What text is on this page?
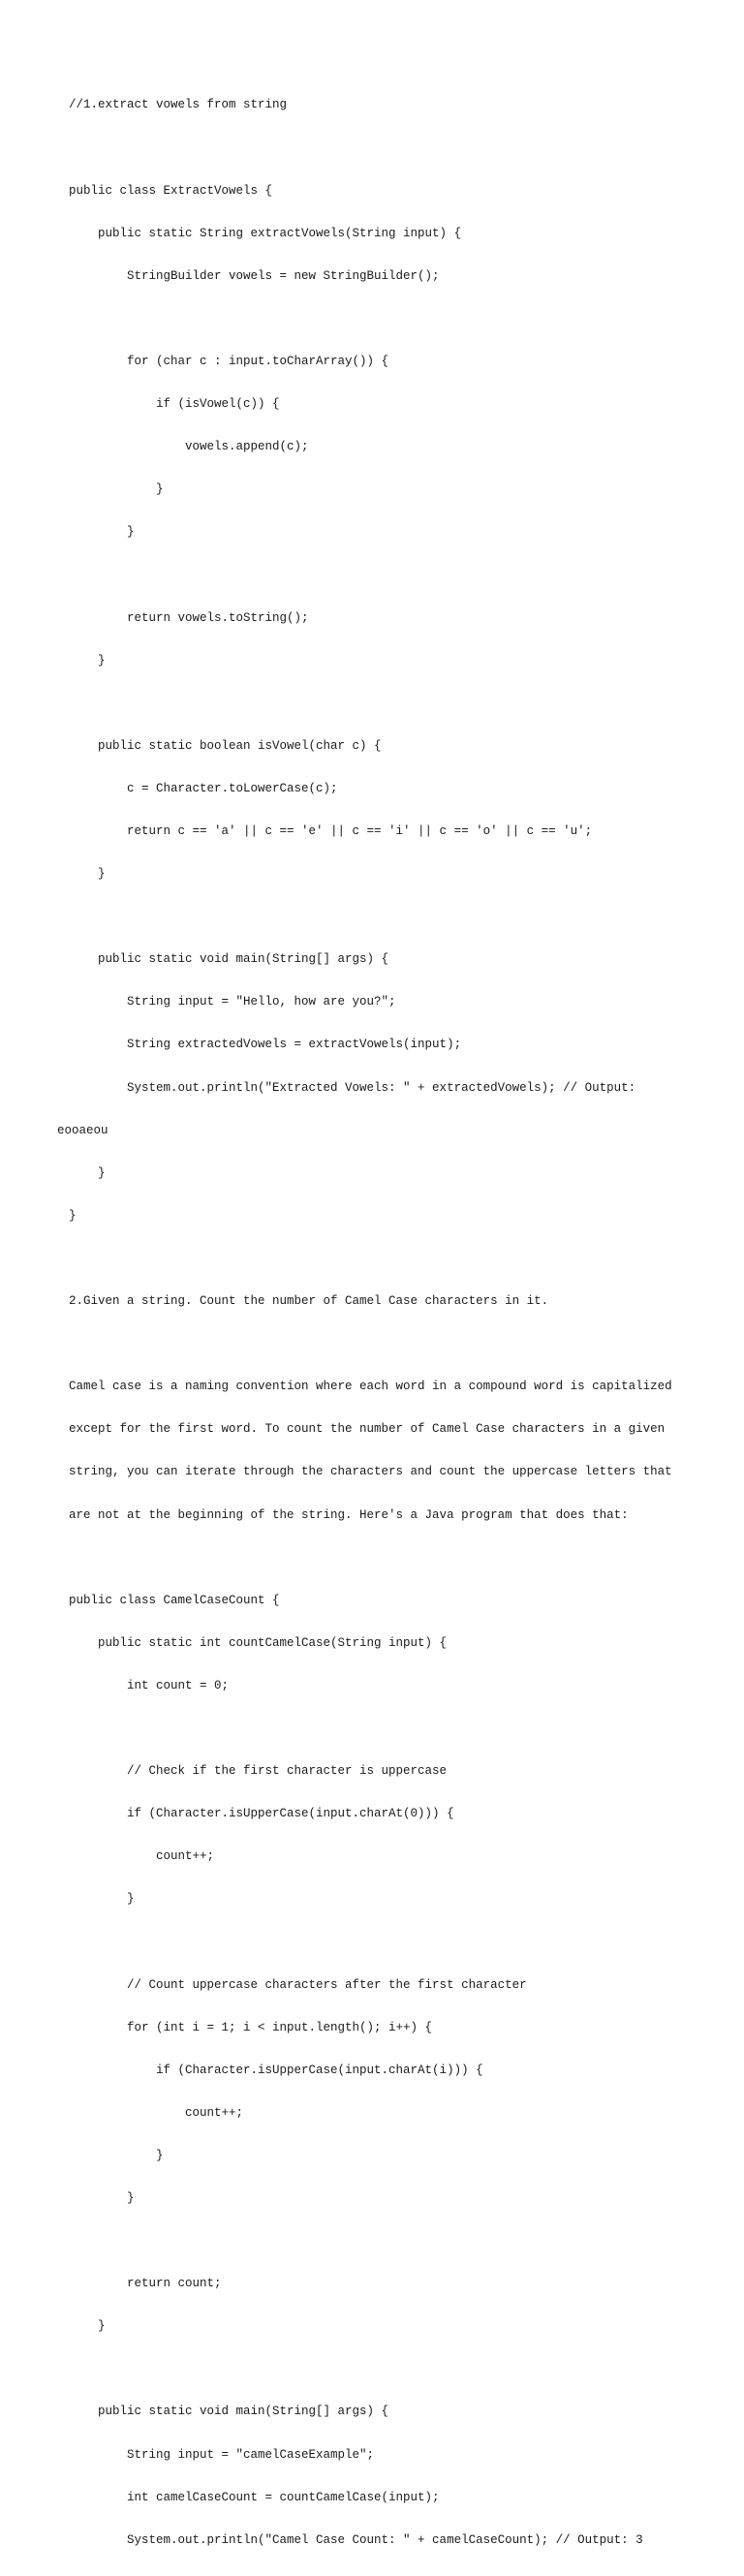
//1.extract vowels from string

public class ExtractVowels {

public static String extractVowels(String input) {

StringBuilder vowels = new StringBuilder();

for (char c : input.toCharArray()) {

if (isVowel(c)) {

vowels.append(c);

}

}

return vowels.toString();

}

public static boolean isVowel(char c) {

c = Character.toLowerCase(c);

return c == 'a' || c == 'e' || c == 'i' || c == 'o' || c == 'u';

}

public static void main(String[] args) {

String input = "Hello, how are you?";

String extractedVowels = extractVowels(input);

System.out.println("Extracted Vowels: " + extractedVowels); // Output:

eooaeou

}

}

2.Given a string. Count the number of Camel Case characters in it.

Camel case is a naming convention where each word in a compound word is capitalized

except for the first word. To count the number of Camel Case characters in a given

string, you can iterate through the characters and count the uppercase letters that

are not at the beginning of the string. Here's a Java program that does that:

public class CamelCaseCount {

public static int countCamelCase(String input) {

int count = 0;

// Check if the first character is uppercase

if (Character.isUpperCase(input.charAt(0))) {

count++;

}

// Count uppercase characters after the first character

for (int i = 1; i < input.length(); i++) {

if (Character.isUpperCase(input.charAt(i))) {

count++;

}

}

return count;

}

public static void main(String[] args) {

String input = "camelCaseExample";

int camelCaseCount = countCamelCase(input);

System.out.println("Camel Case Count: " + camelCaseCount); // Output: 3
